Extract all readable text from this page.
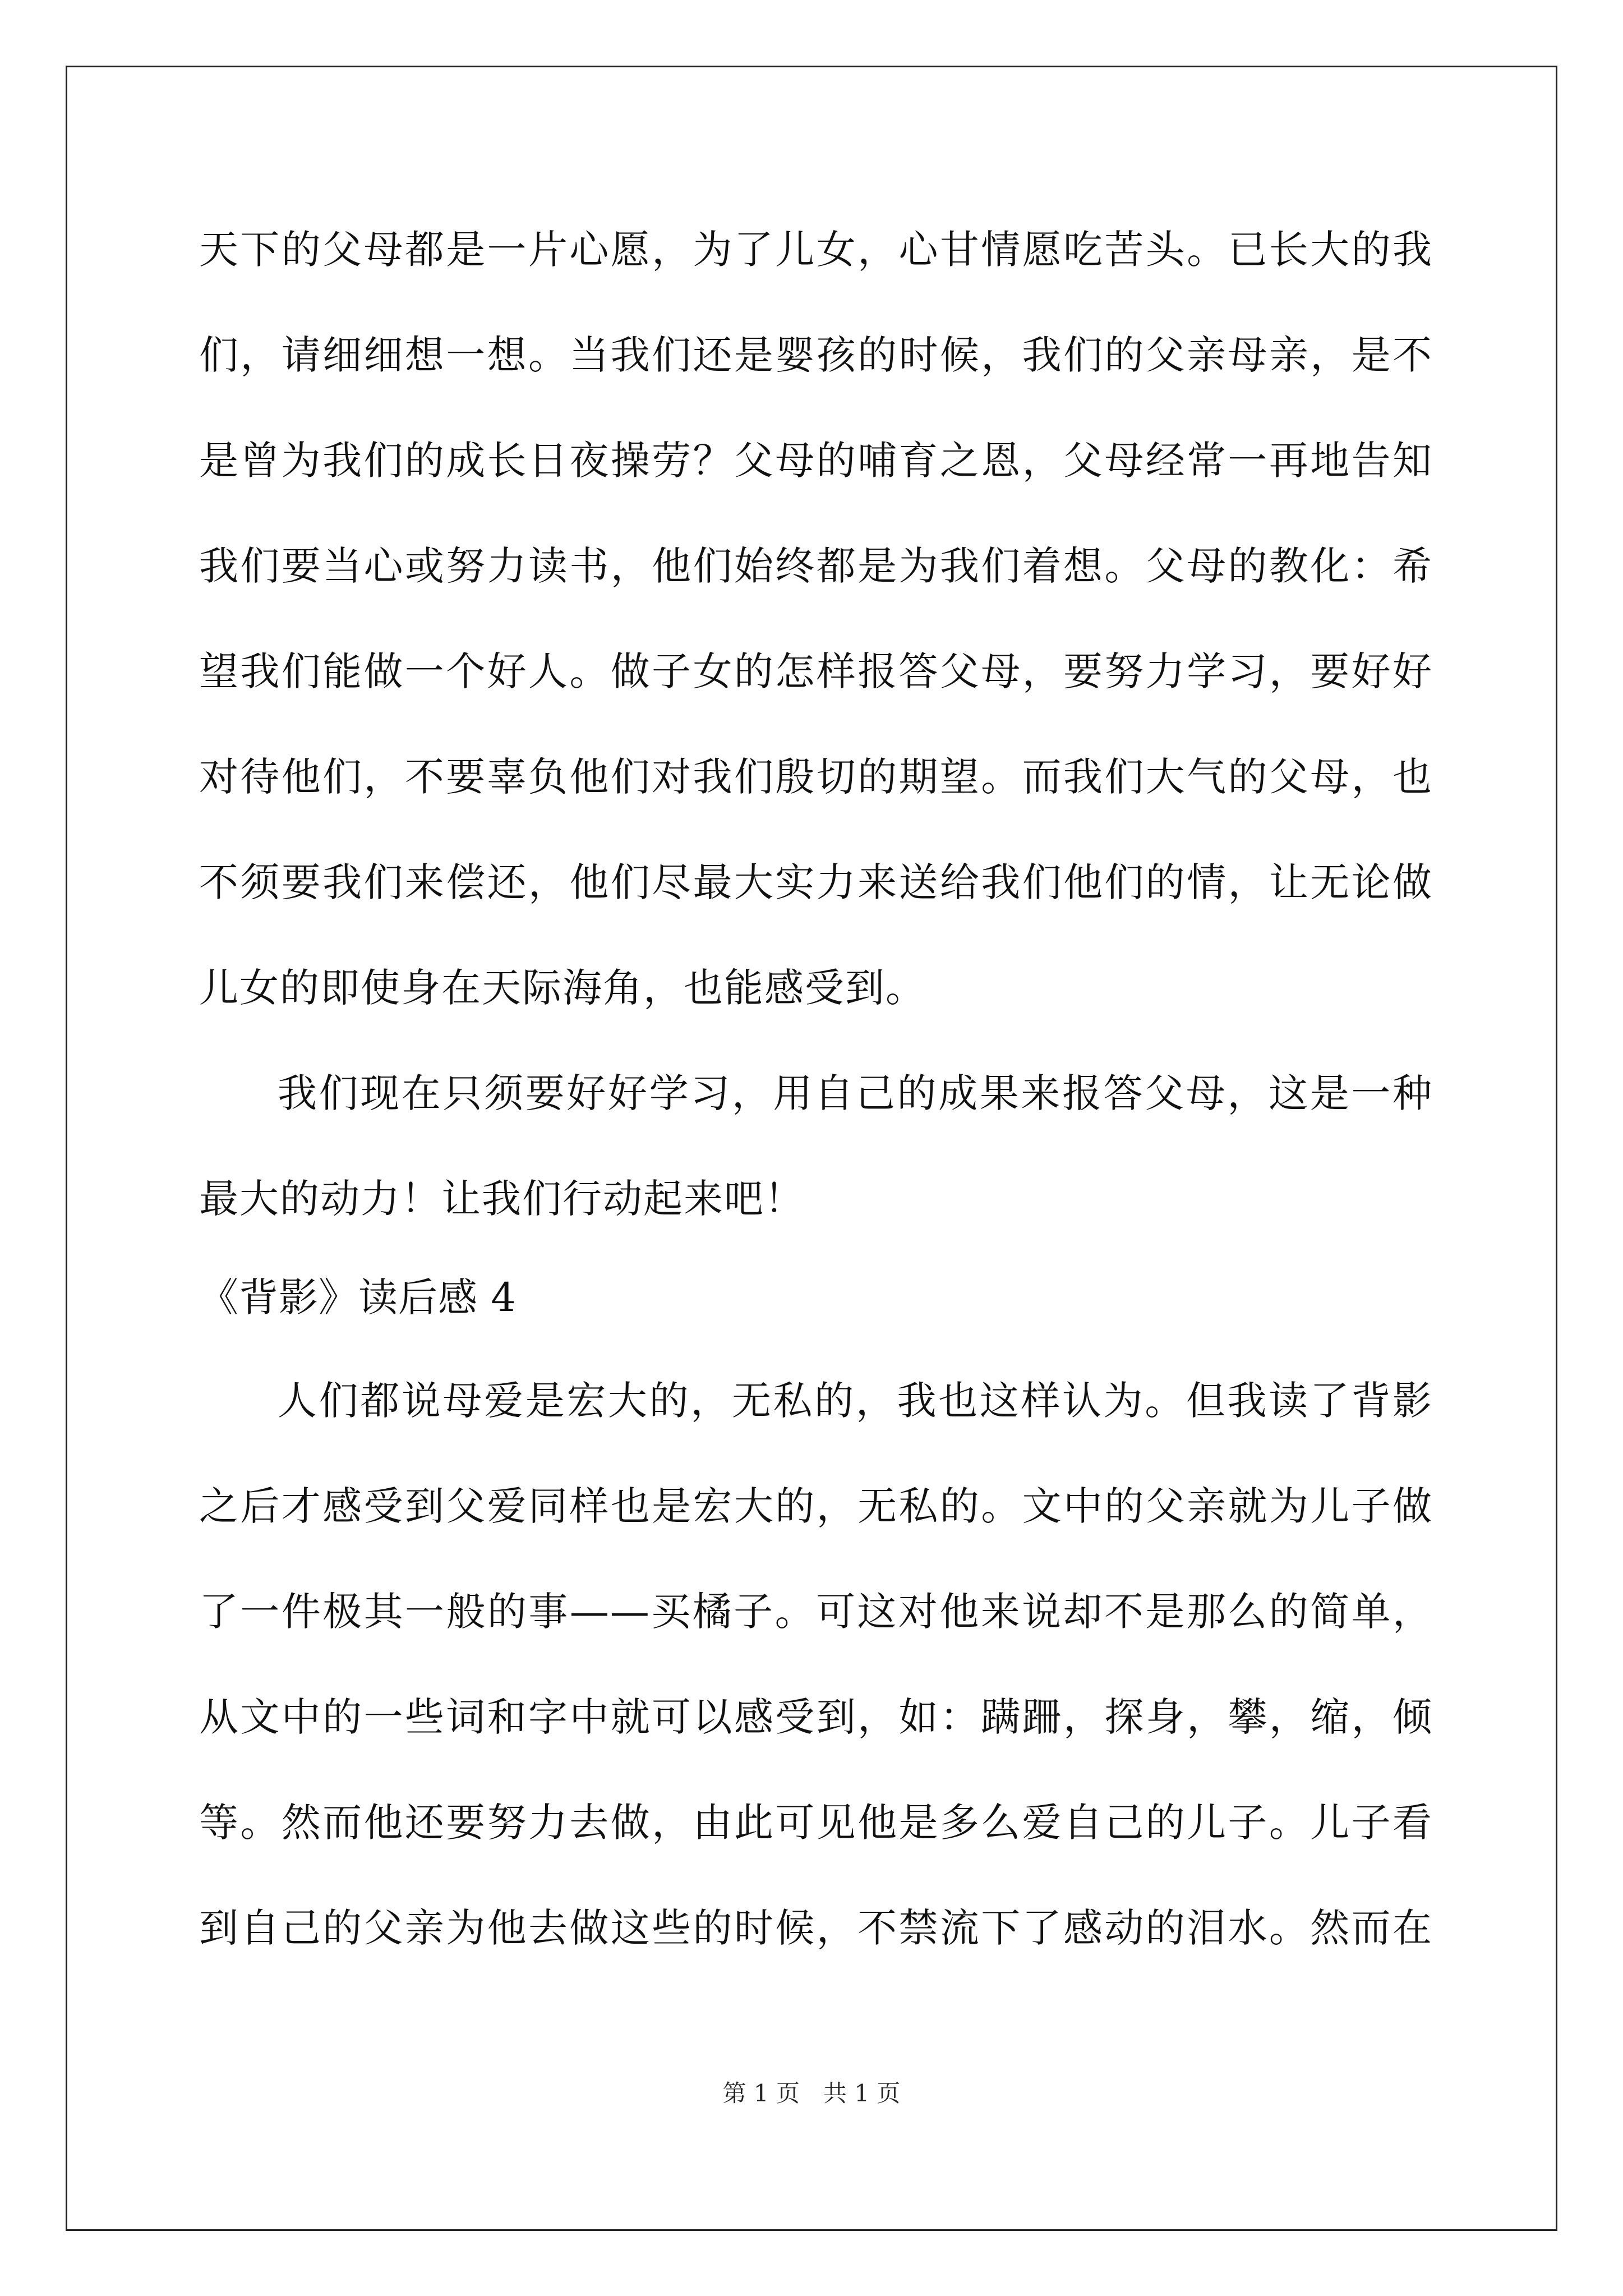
天下的父母都是一片心愿，为了儿女，心甘情愿吃苦头。已长大的我
们，请细细想一想。当我们还是婴孩的时候，我们的父亲母亲，是不
是曾为我们的成长日夜操劳？父母的哺育之恩，父母经常一再地告知
我们要当心或努力读书，他们始终都是为我们着想。父母的教化：希
望我们能做一个好人。做子女的怎样报答父母，要努力学习，要好好
对待他们，不要辜负他们对我们殷切的期望。而我们大气的父母，也
不须要我们来偿还，他们尽最大实力来送给我们他们的情，让无论做
儿女的即使身在天际海角，也能感受到。
我们现在只须要好好学习，用自己的成果来报答父母，这是一种
最大的动力！让我们行动起来吧！
《背影》读后感 4
人们都说母爱是宏大的，无私的，我也这样认为。但我读了背影
之后才感受到父爱同样也是宏大的，无私的。文中的父亲就为儿子做
了一件极其一般的事——买橘子。可这对他来说却不是那么的简单，
从文中的一些词和字中就可以感受到，如：蹒跚，探身，攀，缩，倾
等。然而他还要努力去做，由此可见他是多么爱自己的儿子。儿子看
到自己的父亲为他去做这些的时候，不禁流下了感动的泪水。然而在
第 1 页　共 1 页
